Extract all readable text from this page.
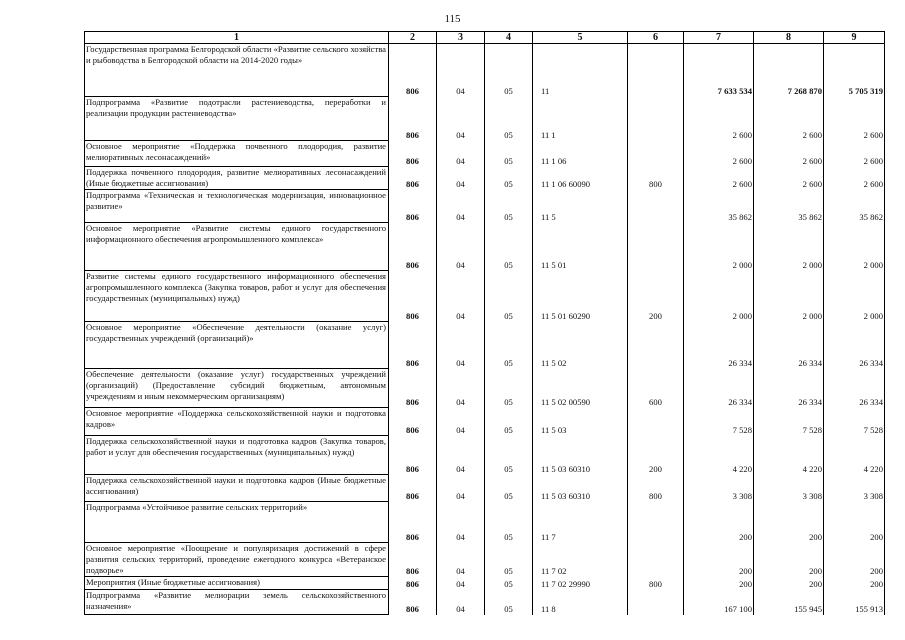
115
1	2	3	4	5	6	7	8	9
Государственная программа Белгородской области «Развитие сельского хозяйства и рыбоводства в Белгородской области на 2014-2020 годы»	806	04	05	11		7 633 534	7 268 870	5 705 319
Подпрограмма «Развитие подотрасли растениеводства, переработки и реализации продукции растениеводства»	806	04	05	11 1		2 600	2 600	2 600
Основное мероприятие «Поддержка почвенного плодородия, развитие мелиоративных лесонасаждений»	806	04	05	11 1 06		2 600	2 600	2 600
Поддержка почвенного плодородия, развитие мелиоративных лесонасаждений (Иные бюджетные ассигнования)	806	04	05	11 1 06 60090	800	2 600	2 600	2 600
Подпрограмма «Техническая и технологическая модернизация, инновационное развитие»	806	04	05	11 5		35 862	35 862	35 862
Основное мероприятие «Развитие системы единого государственного информационного обеспечения агропромышленного комплекса»	806	04	05	11 5 01		2 000	2 000	2 000
Развитие системы единого государственного информационного обеспечения агропромышленного комплекса (Закупка товаров, работ и услуг для обеспечения государственных (муниципальных) нужд)	806	04	05	11 5 01 60290	200	2 000	2 000	2 000
Основное мероприятие «Обеспечение деятельности (оказание услуг) государственных учреждений (организаций)»	806	04	05	11 5 02		26 334	26 334	26 334
Обеспечение деятельности (оказание услуг) государственных учреждений (организаций) (Предоставление субсидий бюджетным, автономным учреждениям и иным некоммерческим организациям)	806	04	05	11 5 02 00590	600	26 334	26 334	26 334
Основное мероприятие «Поддержка сельскохозяйственной науки и подготовка кадров»	806	04	05	11 5 03		7 528	7 528	7 528
Поддержка сельскохозяйственной науки и подготовка кадров (Закупка товаров, работ и услуг для обеспечения государственных (муниципальных) нужд)	806	04	05	11 5 03 60310	200	4 220	4 220	4 220
Поддержка сельскохозяйственной науки и подготовка кадров (Иные бюджетные ассигнования)	806	04	05	11 5 03 60310	800	3 308	3 308	3 308
Подпрограмма «Устойчивое развитие сельских территорий»	806	04	05	11 7		200	200	200
Основное мероприятие «Поощрение и популяризация достижений в сфере развития сельских территорий, проведение ежегодного конкурса «Ветеранское подворье»	806	04	05	11 7 02		200	200	200
Мероприятия (Иные бюджетные ассигнования)	806	04	05	11 7 02 29990	800	200	200	200
Подпрограмма «Развитие мелиорации земель сельскохозяйственного назначения»	806	04	05	11 8		167 100	155 945	155 913
